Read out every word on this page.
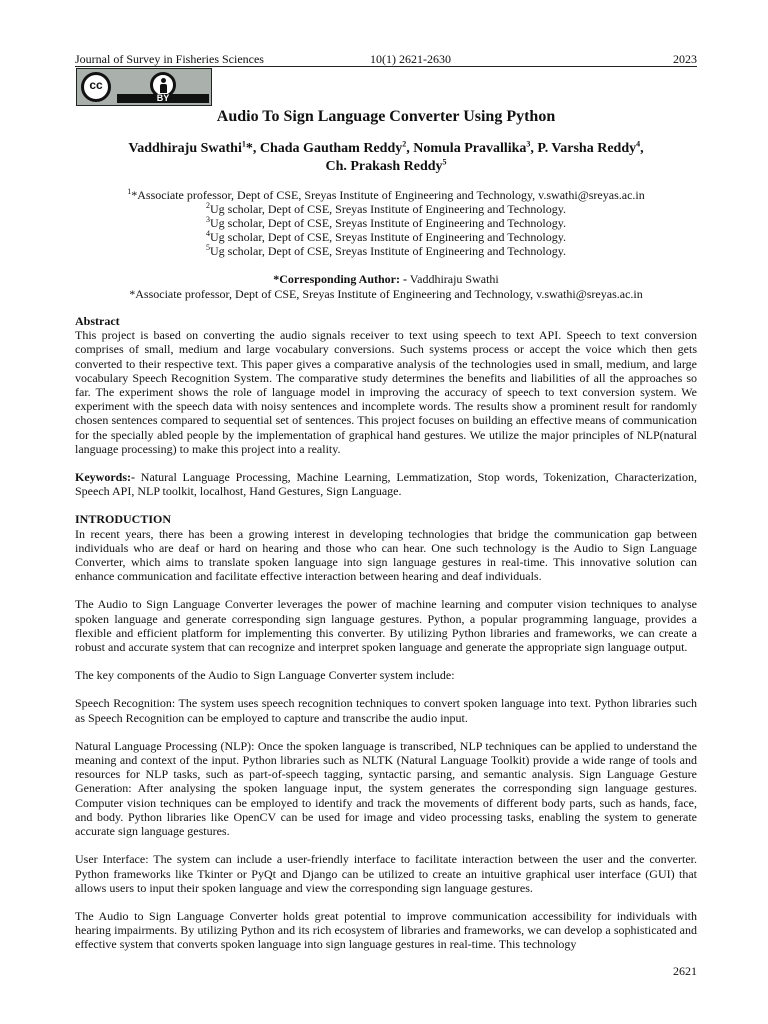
Journal of Survey in Fisheries Sciences	10(1) 2621-2630	2023
cc
BY
Audio To Sign Language Converter Using Python
Vaddhiraju Swathi$^1$*, Chada Gautham Reddy$^2$, Nomula Pravallika$^3$, P. Varsha Reddy$^4$,
Ch. Prakash Reddy$^5$
$^1$*Associate professor, Dept of CSE, Sreyas Institute of Engineering and Technology, v.swathi@sreyas.ac.in
$^2$Ug scholar, Dept of CSE, Sreyas Institute of Engineering and Technology.
$^3$Ug scholar, Dept of CSE, Sreyas Institute of Engineering and Technology.
$^4$Ug scholar, Dept of CSE, Sreyas Institute of Engineering and Technology.
$^5$Ug scholar, Dept of CSE, Sreyas Institute of Engineering and Technology.
*Corresponding Author: - Vaddhiraju Swathi
*Associate professor, Dept of CSE, Sreyas Institute of Engineering and Technology, v.swathi@sreyas.ac.in
Abstract

This project is based on converting the audio signals receiver to text using speech to text API. Speech to text conversion comprises of small, medium and large vocabulary conversions. Such systems process or accept the voice which then gets converted to their respective text. This paper gives a comparative analysis of the technologies used in small, medium, and large vocabulary Speech Recognition System. The comparative study determines the benefits and liabilities of all the approaches so far. The experiment shows the role of language model in improving the accuracy of speech to text conversion system. We experiment with the speech data with noisy sentences and incomplete words. The results show a prominent result for randomly chosen sentences compared to sequential set of sentences. This project focuses on building an effective means of communication for the specially abled people by the implementation of graphical hand gestures. We utilize the major principles of NLP(natural language processing) to make this project into a reality.

Keywords:- Natural Language Processing, Machine Learning, Lemmatization, Stop words, Tokenization, Characterization, Speech API, NLP toolkit, localhost, Hand Gestures, Sign Language.

INTRODUCTION

In recent years, there has been a growing interest in developing technologies that bridge the communication gap between individuals who are deaf or hard on hearing and those who can hear. One such technology is the Audio to Sign Language Converter, which aims to translate spoken language into sign language gestures in real-time. This innovative solution can enhance communication and facilitate effective interaction between hearing and deaf individuals.

The Audio to Sign Language Converter leverages the power of machine learning and computer vision techniques to analyse spoken language and generate corresponding sign language gestures. Python, a popular programming language, provides a flexible and efficient platform for implementing this converter. By utilizing Python libraries and frameworks, we can create a robust and accurate system that can recognize and interpret spoken language and generate the appropriate sign language output.

The key components of the Audio to Sign Language Converter system include:

Speech Recognition: The system uses speech recognition techniques to convert spoken language into text. Python libraries such as Speech Recognition can be employed to capture and transcribe the audio input.

Natural Language Processing (NLP): Once the spoken language is transcribed, NLP techniques can be applied to understand the meaning and context of the input. Python libraries such as NLTK (Natural Language Toolkit) provide a wide range of tools and resources for NLP tasks, such as part-of-speech tagging, syntactic parsing, and semantic analysis. Sign Language Gesture Generation: After analysing the spoken language input, the system generates the corresponding sign language gestures. Computer vision techniques can be employed to identify and track the movements of different body parts, such as hands, face, and body. Python libraries like OpenCV can be used for image and video processing tasks, enabling the system to generate accurate sign language gestures.

User Interface: The system can include a user-friendly interface to facilitate interaction between the user and the converter. Python frameworks like Tkinter or PyQt and Django can be utilized to create an intuitive graphical user interface (GUI) that allows users to input their spoken language and view the corresponding sign language gestures.

The Audio to Sign Language Converter holds great potential to improve communication accessibility for individuals with hearing impairments. By utilizing Python and its rich ecosystem of libraries and frameworks, we can develop a sophisticated and effective system that converts spoken language into sign language gestures in real-time. This technology

2621
